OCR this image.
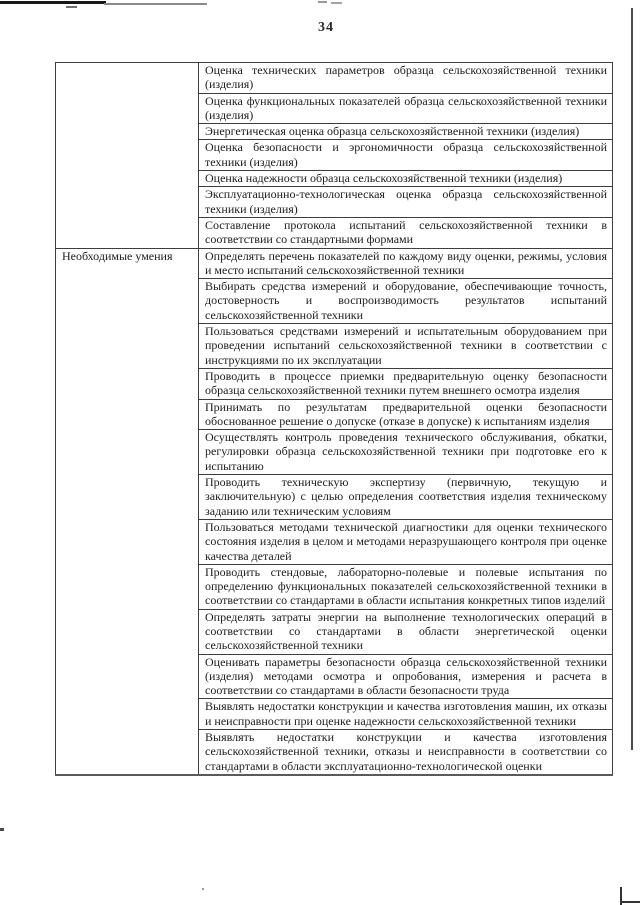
34
	Оценка технических параметров образца сельскохозяйственной техники (изделия)
	Оценка функциональных показателей образца сельскохозяйственной техники (изделия)
	Энергетическая оценка образца сельскохозяйственной техники (изделия)
	Оценка безопасности и эргономичности образца сельскохозяйственной техники (изделия)
	Оценка надежности образца сельскохозяйственной техники (изделия)
	Эксплуатационно-технологическая оценка образца сельскохозяйственной техники (изделия)
	Составление протокола испытаний сельскохозяйственной техники в соответствии со стандартными формами
Необходимые умения	Определять перечень показателей по каждому виду оценки, режимы, условия и место испытаний сельскохозяйственной техники
	Выбирать средства измерений и оборудование, обеспечивающие точность, достоверность и воспроизводимость результатов испытаний сельскохозяйственной техники
	Пользоваться средствами измерений и испытательным оборудованием при проведении испытаний сельскохозяйственной техники в соответствии с инструкциями по их эксплуатации
	Проводить в процессе приемки предварительную оценку безопасности образца сельскохозяйственной техники путем внешнего осмотра изделия
	Принимать по результатам предварительной оценки безопасности обоснованное решение о допуске (отказе в допуске) к испытаниям изделия
	Осуществлять контроль проведения технического обслуживания, обкатки, регулировки образца сельскохозяйственной техники при подготовке его к испытанию
	Проводить техническую экспертизу (первичную, текущую и заключительную) с целью определения соответствия изделия техническому заданию или техническим условиям
	Пользоваться методами технической диагностики для оценки технического состояния изделия в целом и методами неразрушающего контроля при оценке качества деталей
	Проводить стендовые, лабораторно-полевые и полевые испытания по определению функциональных показателей сельскохозяйственной техники в соответствии со стандартами в области испытания конкретных типов изделий
	Определять затраты энергии на выполнение технологических операций в соответствии со стандартами в области энергетической оценки сельскохозяйственной техники
	Оценивать параметры безопасности образца сельскохозяйственной техники (изделия) методами осмотра и опробования, измерения и расчета в соответствии со стандартами в области безопасности труда
	Выявлять недостатки конструкции и качества изготовления машин, их отказы и неисправности при оценке надежности сельскохозяйственной техники
	Выявлять недостатки конструкции и качества изготовления сельскохозяйственной техники, отказы и неисправности в соответствии со стандартами в области эксплуатационно-технологической оценки
